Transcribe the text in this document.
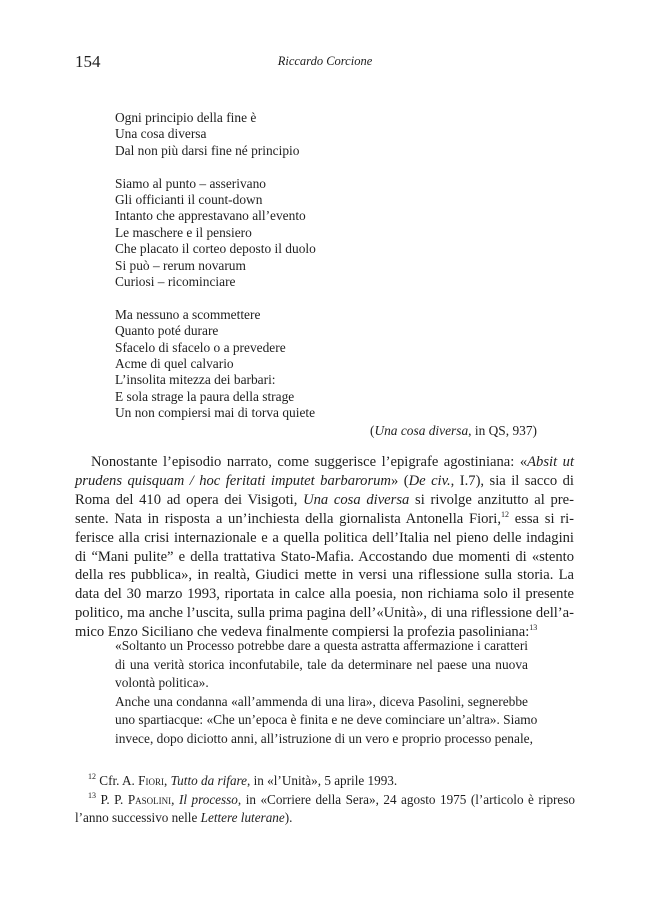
154	Riccardo Corcione
Ogni principio della fine è
Una cosa diversa
Dal non più darsi fine né principio
Siamo al punto – asserivano
Gli officianti il count-down
Intanto che apprestavano all’evento
Le maschere e il pensiero
Che placato il corteo deposto il duolo
Si può – rerum novarum
Curiosi – ricominciare
Ma nessuno a scommettere
Quanto poté durare
Sfacelo di sfacelo o a prevedere
Acme di quel calvario
L’insolita mitezza dei barbari:
E sola strage la paura della strage
Un non compiersi mai di torva quiete
(Una cosa diversa, in QS, 937)
Nonostante l’episodio narrato, come suggerisce l’epigrafe agostiniana: «Absit ut
prudens quisquam / hoc feritati imputet barbarorum» (De civ., I.7), sia il sacco di
Roma del 410 ad opera dei Visigoti, Una cosa diversa si rivolge anzitutto al pre-
sente. Nata in risposta a un’inchiesta della giornalista Antonella Fiori,$^{12}$ essa si ri-
ferisce alla crisi internazionale e a quella politica dell’Italia nel pieno delle indagini
di “Mani pulite” e della trattativa Stato-Mafia. Accostando due momenti di «stento
della res pubblica», in realtà, Giudici mette in versi una riflessione sulla storia. La
data del 30 marzo 1993, riportata in calce alla poesia, non richiama solo il presente
politico, ma anche l’uscita, sulla prima pagina dell’«Unità», di una riflessione dell’a-
mico Enzo Siciliano che vedeva finalmente compiersi la profezia pasoliniana:$^{13}$
«Soltanto un Processo potrebbe dare a questa astratta affermazione i caratteri
di una verità storica inconfutabile, tale da determinare nel paese una nuova
volontà politica».
Anche una condanna «all’ammenda di una lira», diceva Pasolini, segnerebbe
uno spartiacque: «Che un’epoca è finita e ne deve cominciare un’altra». Siamo
invece, dopo diciotto anni, all’istruzione di un vero e proprio processo penale,
$^{12}$ Cfr. A. Fiori, Tutto da rifare, in «l’Unità», 5 aprile 1993.
$^{13}$ P. P. Pasolini, Il processo, in «Corriere della Sera», 24 agosto 1975 (l’articolo è ripreso
l’anno successivo nelle Lettere luterane).
